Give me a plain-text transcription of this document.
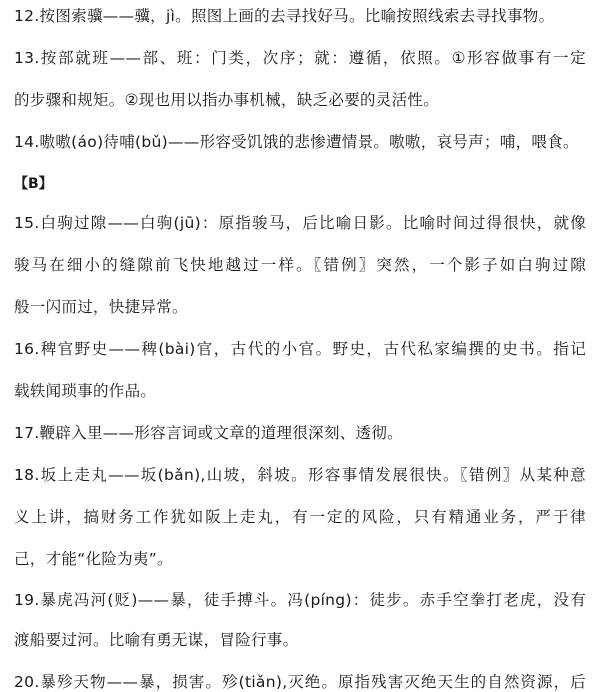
12.按图索骥——骥，jì。照图上画的去寻找好马。比喻按照线索去寻找事物。
13.按部就班——部、班：门类，次序；就：遵循，依照。①形容做事有一定
的步骤和规矩。②现也用以指办事机械，缺乏必要的灵活性。
14.嗷嗷(áo)待哺(bǔ)——形容受饥饿的悲惨遭情景。嗷嗷，哀号声；哺，喂食。
【B】
15.白驹过隙——白驹(jū)：原指骏马，后比喻日影。比喻时间过得很快，就像
骏马在细小的缝隙前飞快地越过一样。〖错例〗突然，一个影子如白驹过隙
般一闪而过，快捷异常。
16.稗官野史——稗(bài)官，古代的小官。野史，古代私家编撰的史书。指记
载轶闻琐事的作品。
17.鞭辟入里——形容言词或文章的道理很深刻、透彻。
18.坂上走丸——坂(bǎn),山坡，斜坡。形容事情发展很快。〖错例〗从某种意
义上讲，搞财务工作犹如阪上走丸，有一定的风险，只有精通业务，严于律
己，才能“化险为夷”。
19.暴虎冯河(贬)——暴，徒手搏斗。冯(píng)：徒步。赤手空拳打老虎，没有
渡船要过河。比喻有勇无谋，冒险行事。
20.暴殄天物——暴，损害。殄(tiǎn),灭绝。原指残害灭绝天生的自然资源，后
